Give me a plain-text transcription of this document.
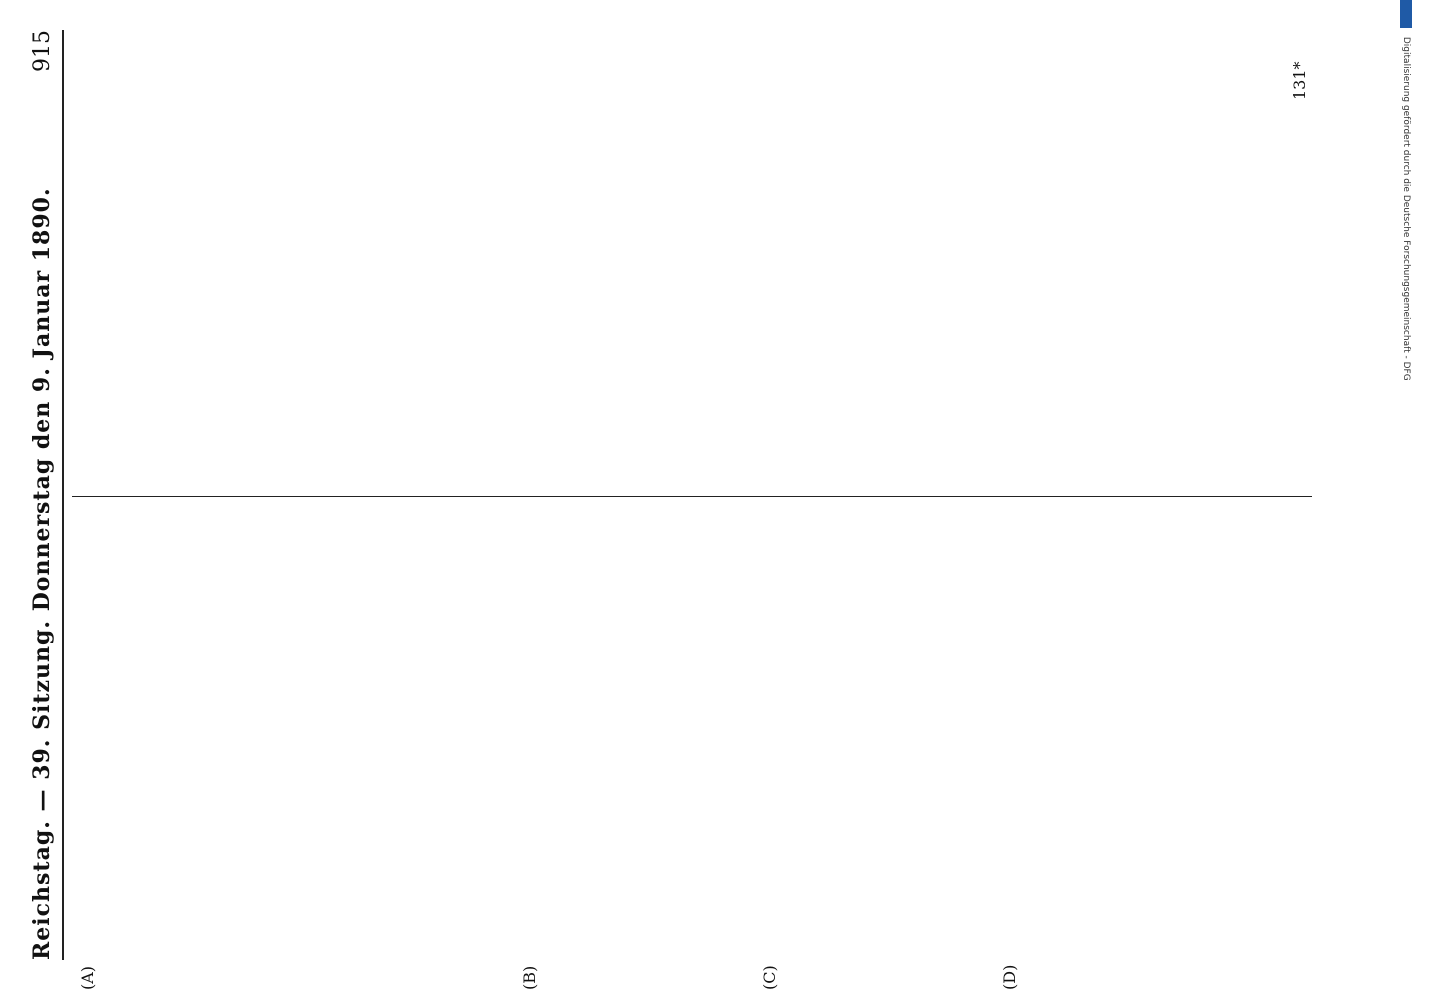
Reichstag. — 39. Sitzung. Donnerstag den 9. Januar 1890.
915
(A)	(B)	(C)	(D)
131*	Digitalisierung gefördert durch die Deutsche Forschungsgemeinschaft - DFG
